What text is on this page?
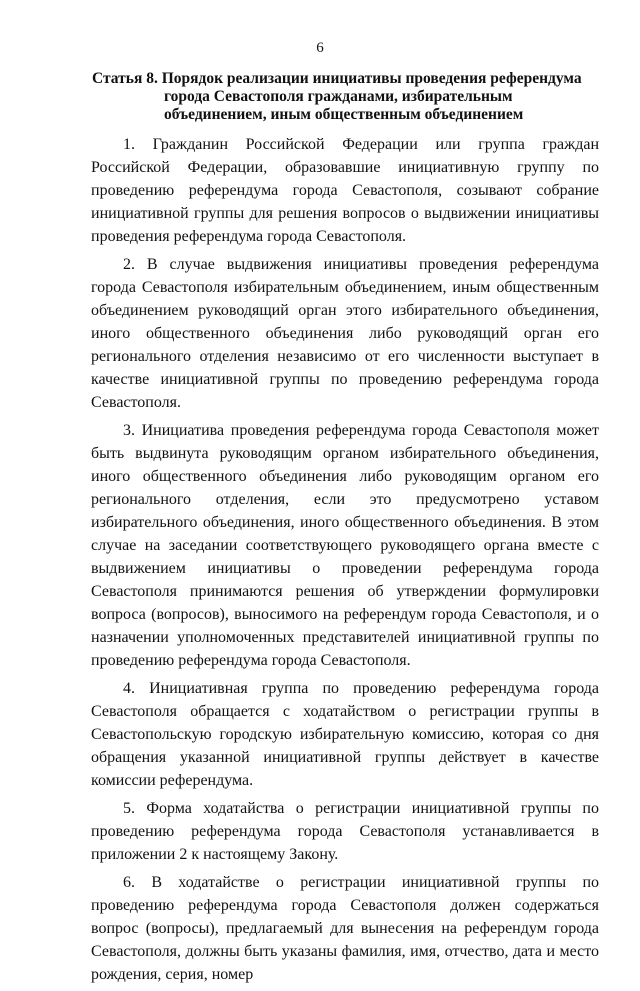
6
Статья 8. Порядок реализации инициативы проведения референдума
города Севастополя гражданами, избирательным
объединением, иным общественным объединением

1. Гражданин Российской Федерации или группа граждан Российской Федерации, образовавшие инициативную группу по проведению референдума города Севастополя, созывают собрание инициативной группы для решения вопросов о выдвижении инициативы проведения референдума города Севастополя.

2. В случае выдвижения инициативы проведения референдума города Севастополя избирательным объединением, иным общественным объединением руководящий орган этого избирательного объединения, иного общественного объединения либо руководящий орган его регионального отделения независимо от его численности выступает в качестве инициативной группы по проведению референдума города Севастополя.

3. Инициатива проведения референдума города Севастополя может быть выдвинута руководящим органом избирательного объединения, иного общественного объединения либо руководящим органом его регионального отделения, если это предусмотрено уставом избирательного объединения, иного общественного объединения. В этом случае на заседании соответствующего руководящего органа вместе с выдвижением инициативы о проведении референдума города Севастополя принимаются решения об утверждении формулировки вопроса (вопросов), выносимого на референдум города Севастополя, и о назначении уполномоченных представителей инициативной группы по проведению референдума города Севастополя.

4. Инициативная группа по проведению референдума города Севастополя обращается с ходатайством о регистрации группы в Севастопольскую городскую избирательную комиссию, которая со дня обращения указанной инициативной группы действует в качестве комиссии референдума.

5. Форма ходатайства о регистрации инициативной группы по проведению референдума города Севастополя устанавливается в приложении 2 к настоящему Закону.

6. В ходатайстве о регистрации инициативной группы по проведению референдума города Севастополя должен содержаться вопрос (вопросы), предлагаемый для вынесения на референдум города Севастополя, должны быть указаны фамилия, имя, отчество, дата и место рождения, серия, номер
